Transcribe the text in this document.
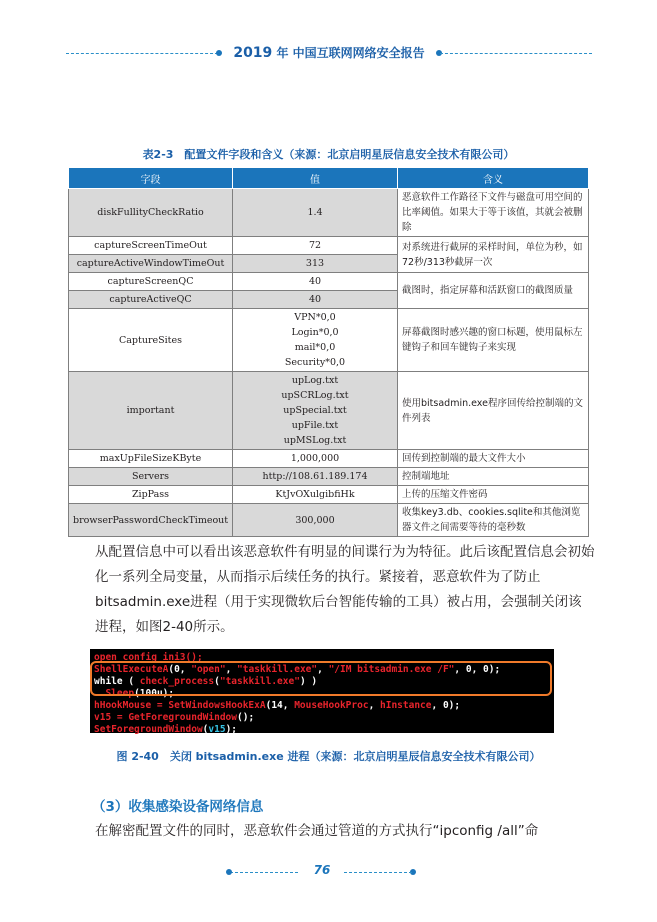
2019 年 中国互联网网络安全报告
表2-3　配置文件字段和含义（来源：北京启明星辰信息安全技术有限公司）
字段	值	含义
diskFullityCheckRatio	1.4	恶意软件工作路径下文件与磁盘可用空间的比率阈值。如果大于等于该值，其就会被删除
captureScreenTimeOut	72	对系统进行截屏的采样时间，单位为秒，如72秒/313秒截屏一次
captureActiveWindowTimeOut	313	

captureScreenQC	40	截图时，指定屏幕和活跃窗口的截图质量
captureActiveQC	40	

CaptureSites	VPN*0,0
Login*0,0
mail*0,0
Security*0,0	屏幕截图时感兴趣的窗口标题，使用鼠标左键钩子和回车键钩子来实现
important	upLog.txt
upSCRLog.txt
upSpecial.txt
upFile.txt
upMSLog.txt	使用bitsadmin.exe程序回传给控制端的文件列表
maxUpFileSizeKByte	1,000,000	回传到控制端的最大文件大小
Servers	http://108.61.189.174	控制端地址
ZipPass	KtJvOXulgibfiHk	上传的压缩文件密码
browserPasswordCheckTimeout	300,000	收集key3.db、cookies.sqlite和其他浏览器文件之间需要等待的毫秒数
从配置信息中可以看出该恶意软件有明显的间谍行为为特征。此后该配置信息会初始化一系列全局变量，从而指示后续任务的执行。紧接着，恶意软件为了防止bitsadmin.exe进程（用于实现微软后台智能传输的工具）被占用，会强制关闭该进程，如图2-40所示。
open_config_ini3();
ShellExecuteA(0, "open", "taskkill.exe", "/IM bitsadmin.exe /F", 0, 0);
while ( check_process("taskkill.exe") )
Sleep(100u);
hHookMouse = SetWindowsHookExA(14, MouseHookProc, hInstance, 0);
v15 = GetForegroundWindow();
SetForegroundWindow(v15);
图 2-40　关闭 bitsadmin.exe 进程（来源：北京启明星辰信息安全技术有限公司）
（3）收集感染设备网络信息
在解密配置文件的同时，恶意软件会通过管道的方式执行“ipconfig /all”命
76
